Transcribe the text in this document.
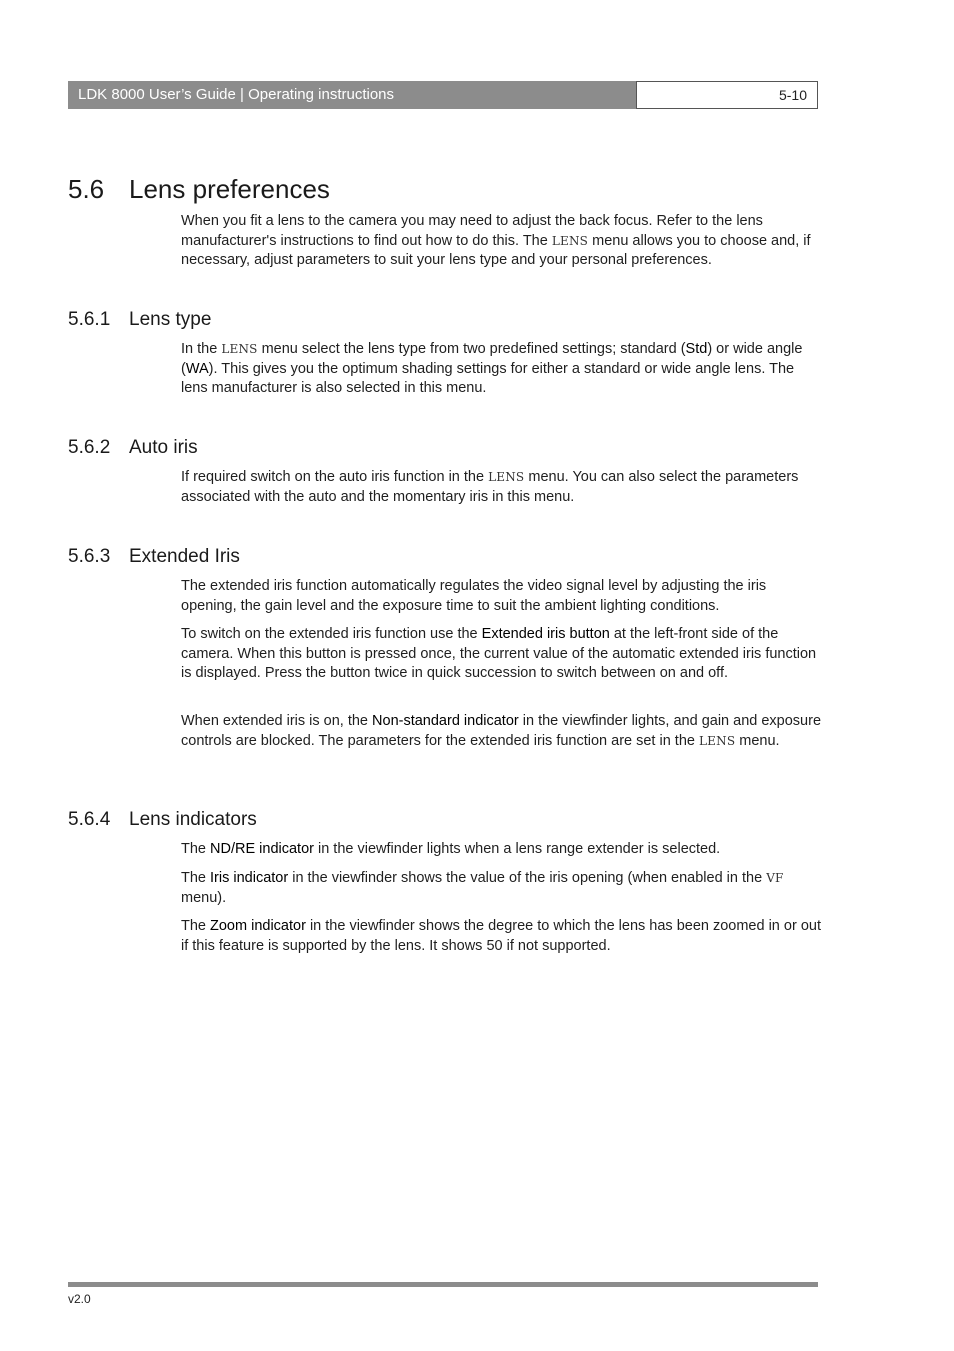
LDK 8000 User’s Guide | Operating instructions	5-10
5.6 Lens preferences

When you fit a lens to the camera you may need to adjust the back focus. Refer to the lens manufacturer's instructions to find out how to do this. The LENS menu allows you to choose and, if necessary, adjust parameters to suit your lens type and your personal preferences.

5.6.1 Lens type

In the LENS menu select the lens type from two predefined settings; standard (Std) or wide angle (WA). This gives you the optimum shading settings for either a standard or wide angle lens. The lens manufacturer is also selected in this menu.

5.6.2 Auto iris

If required switch on the auto iris function in the LENS menu. You can also select the parameters associated with the auto and the momentary iris in this menu.

5.6.3 Extended Iris

The extended iris function automatically regulates the video signal level by adjusting the iris opening, the gain level and the exposure time to suit the ambient lighting conditions.

To switch on the extended iris function use the Extended iris button at the left-front side of the camera. When this button is pressed once, the current value of the automatic extended iris function is displayed. Press the button twice in quick succession to switch between on and off.

When extended iris is on, the Non-standard indicator in the viewfinder lights, and gain and exposure controls are blocked. The parameters for the extended iris function are set in the LENS menu.

5.6.4 Lens indicators

The ND/RE indicator in the viewfinder lights when a lens range extender is selected.

The Iris indicator in the viewfinder shows the value of the iris opening (when enabled in the VF menu).

The Zoom indicator in the viewfinder shows the degree to which the lens has been zoomed in or out if this feature is supported by the lens. It shows 50 if not supported.

v2.0
